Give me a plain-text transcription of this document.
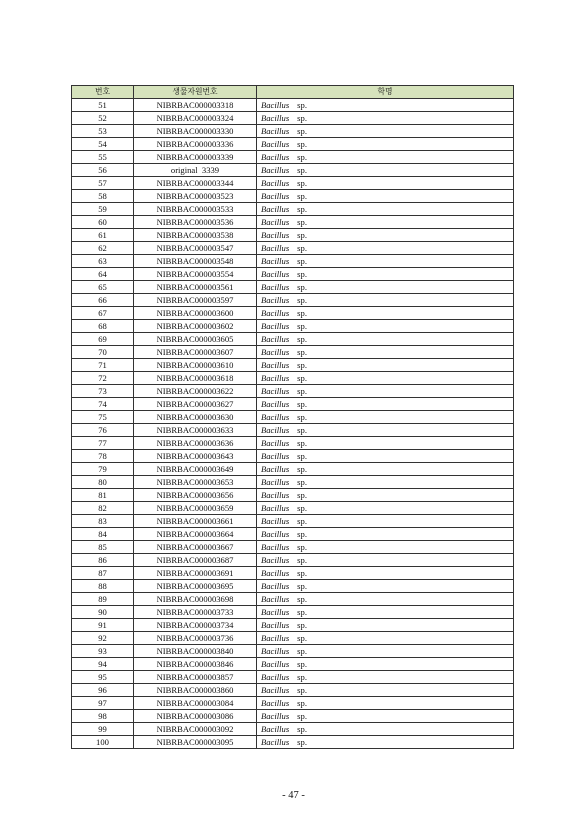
번호	생물자원번호	학명
51	NIBRBAC000003318	Bacillus sp.
52	NIBRBAC000003324	Bacillus sp.
53	NIBRBAC000003330	Bacillus sp.
54	NIBRBAC000003336	Bacillus sp.
55	NIBRBAC000003339	Bacillus sp.
56	original  3339	Bacillus sp.
57	NIBRBAC000003344	Bacillus sp.
58	NIBRBAC000003523	Bacillus sp.
59	NIBRBAC000003533	Bacillus sp.
60	NIBRBAC000003536	Bacillus sp.
61	NIBRBAC000003538	Bacillus sp.
62	NIBRBAC000003547	Bacillus sp.
63	NIBRBAC000003548	Bacillus sp.
64	NIBRBAC000003554	Bacillus sp.
65	NIBRBAC000003561	Bacillus sp.
66	NIBRBAC000003597	Bacillus sp.
67	NIBRBAC000003600	Bacillus sp.
68	NIBRBAC000003602	Bacillus sp.
69	NIBRBAC000003605	Bacillus sp.
70	NIBRBAC000003607	Bacillus sp.
71	NIBRBAC000003610	Bacillus sp.
72	NIBRBAC000003618	Bacillus sp.
73	NIBRBAC000003622	Bacillus sp.
74	NIBRBAC000003627	Bacillus sp.
75	NIBRBAC000003630	Bacillus sp.
76	NIBRBAC000003633	Bacillus sp.
77	NIBRBAC000003636	Bacillus sp.
78	NIBRBAC000003643	Bacillus sp.
79	NIBRBAC000003649	Bacillus sp.
80	NIBRBAC000003653	Bacillus sp.
81	NIBRBAC000003656	Bacillus sp.
82	NIBRBAC000003659	Bacillus sp.
83	NIBRBAC000003661	Bacillus sp.
84	NIBRBAC000003664	Bacillus sp.
85	NIBRBAC000003667	Bacillus sp.
86	NIBRBAC000003687	Bacillus sp.
87	NIBRBAC000003691	Bacillus sp.
88	NIBRBAC000003695	Bacillus sp.
89	NIBRBAC000003698	Bacillus sp.
90	NIBRBAC000003733	Bacillus sp.
91	NIBRBAC000003734	Bacillus sp.
92	NIBRBAC000003736	Bacillus sp.
93	NIBRBAC000003840	Bacillus sp.
94	NIBRBAC000003846	Bacillus sp.
95	NIBRBAC000003857	Bacillus sp.
96	NIBRBAC000003860	Bacillus sp.
97	NIBRBAC000003084	Bacillus sp.
98	NIBRBAC000003086	Bacillus sp.
99	NIBRBAC000003092	Bacillus sp.
100	NIBRBAC000003095	Bacillus sp.
- 47 -
